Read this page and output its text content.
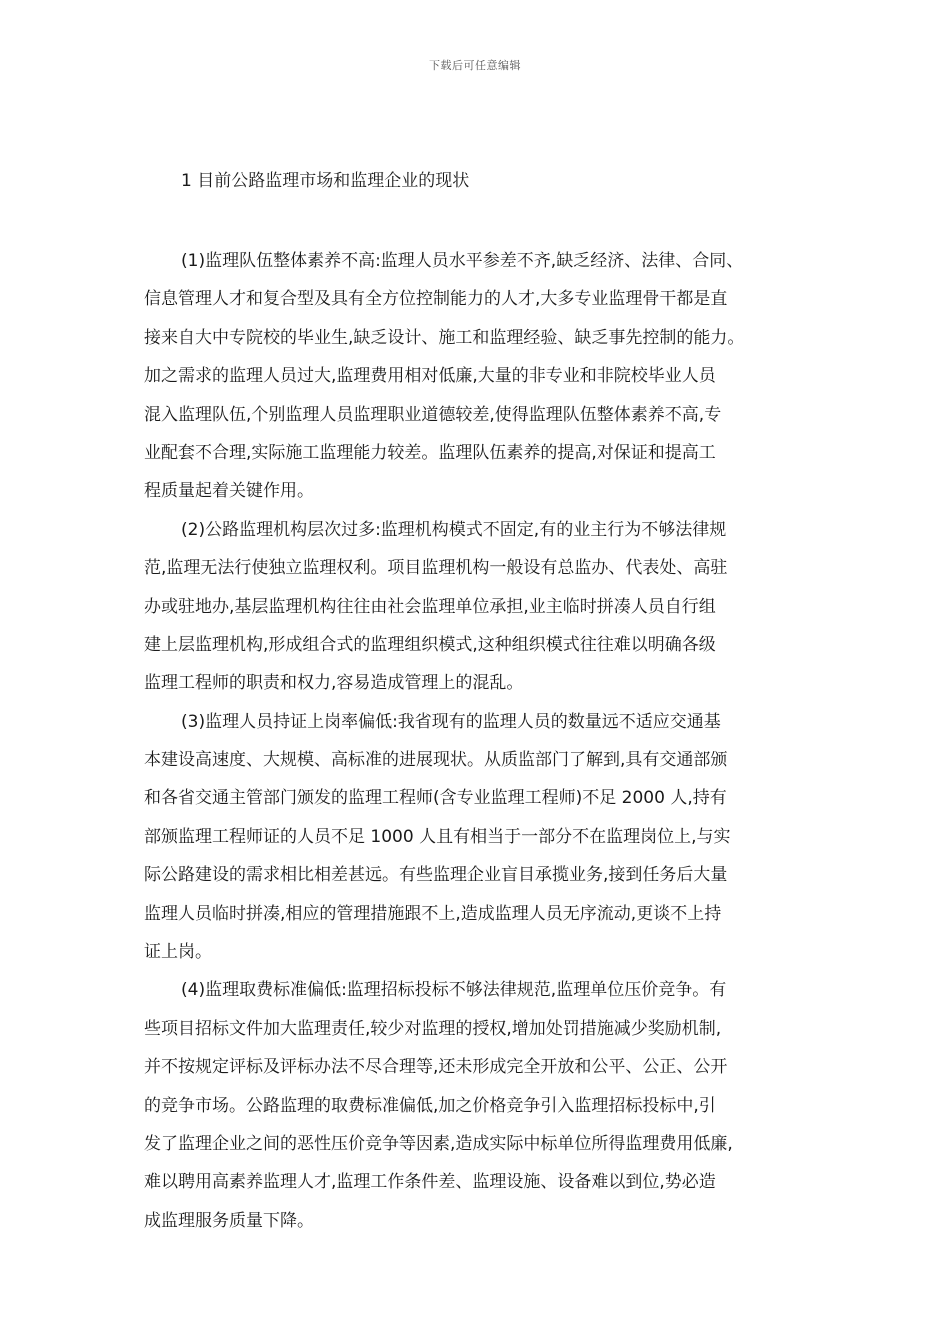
下载后可任意编辑
1 目前公路监理市场和监理企业的现状

(1)监理队伍整体素养不高:监理人员水平参差不齐,缺乏经济、法律、合同、
信息管理人才和复合型及具有全方位控制能力的人才,大多专业监理骨干都是直
接来自大中专院校的毕业生,缺乏设计、施工和监理经验、缺乏事先控制的能力。
加之需求的监理人员过大,监理费用相对低廉,大量的非专业和非院校毕业人员
混入监理队伍,个别监理人员监理职业道德较差,使得监理队伍整体素养不高,专
业配套不合理,实际施工监理能力较差。监理队伍素养的提高,对保证和提高工
程质量起着关键作用。

(2)公路监理机构层次过多:监理机构模式不固定,有的业主行为不够法律规
范,监理无法行使独立监理权利。项目监理机构一般设有总监办、代表处、高驻
办或驻地办,基层监理机构往往由社会监理单位承担,业主临时拼凑人员自行组
建上层监理机构,形成组合式的监理组织模式,这种组织模式往往难以明确各级
监理工程师的职责和权力,容易造成管理上的混乱。

(3)监理人员持证上岗率偏低:我省现有的监理人员的数量远不适应交通基
本建设高速度、大规模、高标准的进展现状。从质监部门了解到,具有交通部颁
和各省交通主管部门颁发的监理工程师(含专业监理工程师)不足 2000 人,持有
部颁监理工程师证的人员不足 1000 人且有相当于一部分不在监理岗位上,与实
际公路建设的需求相比相差甚远。有些监理企业盲目承揽业务,接到任务后大量
监理人员临时拼凑,相应的管理措施跟不上,造成监理人员无序流动,更谈不上持
证上岗。

(4)监理取费标准偏低:监理招标投标不够法律规范,监理单位压价竞争。有
些项目招标文件加大监理责任,较少对监理的授权,增加处罚措施减少奖励机制,
并不按规定评标及评标办法不尽合理等,还未形成完全开放和公平、公正、公开
的竞争市场。公路监理的取费标准偏低,加之价格竞争引入监理招标投标中,引
发了监理企业之间的恶性压价竞争等因素,造成实际中标单位所得监理费用低廉,
难以聘用高素养监理人才,监理工作条件差、监理设施、设备难以到位,势必造
成监理服务质量下降。
